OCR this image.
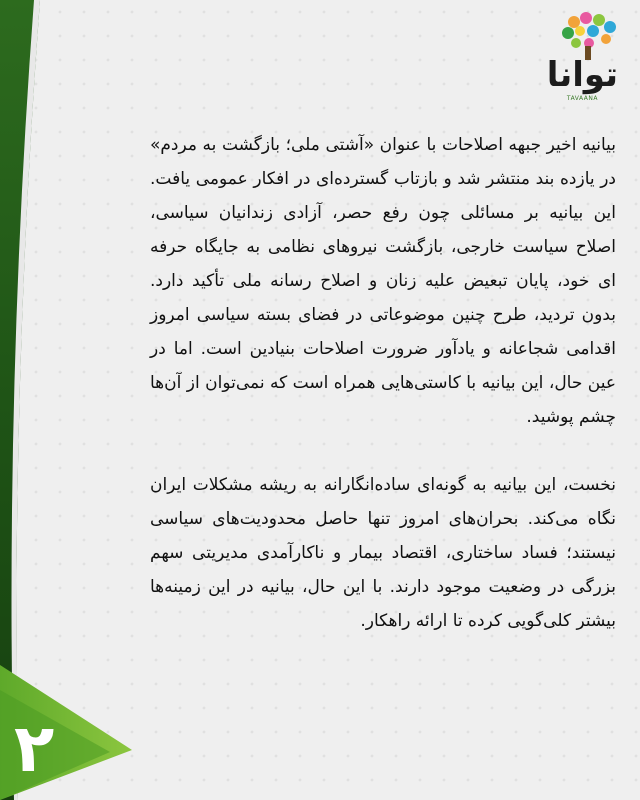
۲
توانا
TAVAANA

بیانیه اخیر جبهه اصلاحات با عنوان «آشتی ملی؛ بازگشت به مردم» در یازده بند منتشر شد و بازتاب گسترده‌ای در افکار عمومی یافت. این بیانیه بر مسائلی چون رفع حصر، آزادی زندانیان سیاسی، اصلاح سیاست خارجی، بازگشت نیروهای نظامی به جایگاه حرفه ای خود، پایان تبعیض علیه زنان و اصلاح رسانه ملی تأکید دارد. بدون تردید، طرح چنین موضوعاتی در فضای بسته سیاسی امروز اقدامی شجاعانه و یادآور ضرورت اصلاحات بنیادین است. اما در عین حال، این بیانیه با کاستی‌هایی همراه است که نمی‌توان از آن‌ها چشم پوشید.

نخست، این بیانیه به گونه‌ای ساده‌انگارانه به ریشه مشکلات ایران نگاه می‌کند. بحران‌های امروز تنها حاصل محدودیت‌های سیاسی نیستند؛ فساد ساختاری، اقتصاد بیمار و ناکارآمدی مدیریتی سهم بزرگی در وضعیت موجود دارند. با این حال، بیانیه در این زمینه‌ها بیشتر کلی‌گویی کرده تا ارائه راهکار.
